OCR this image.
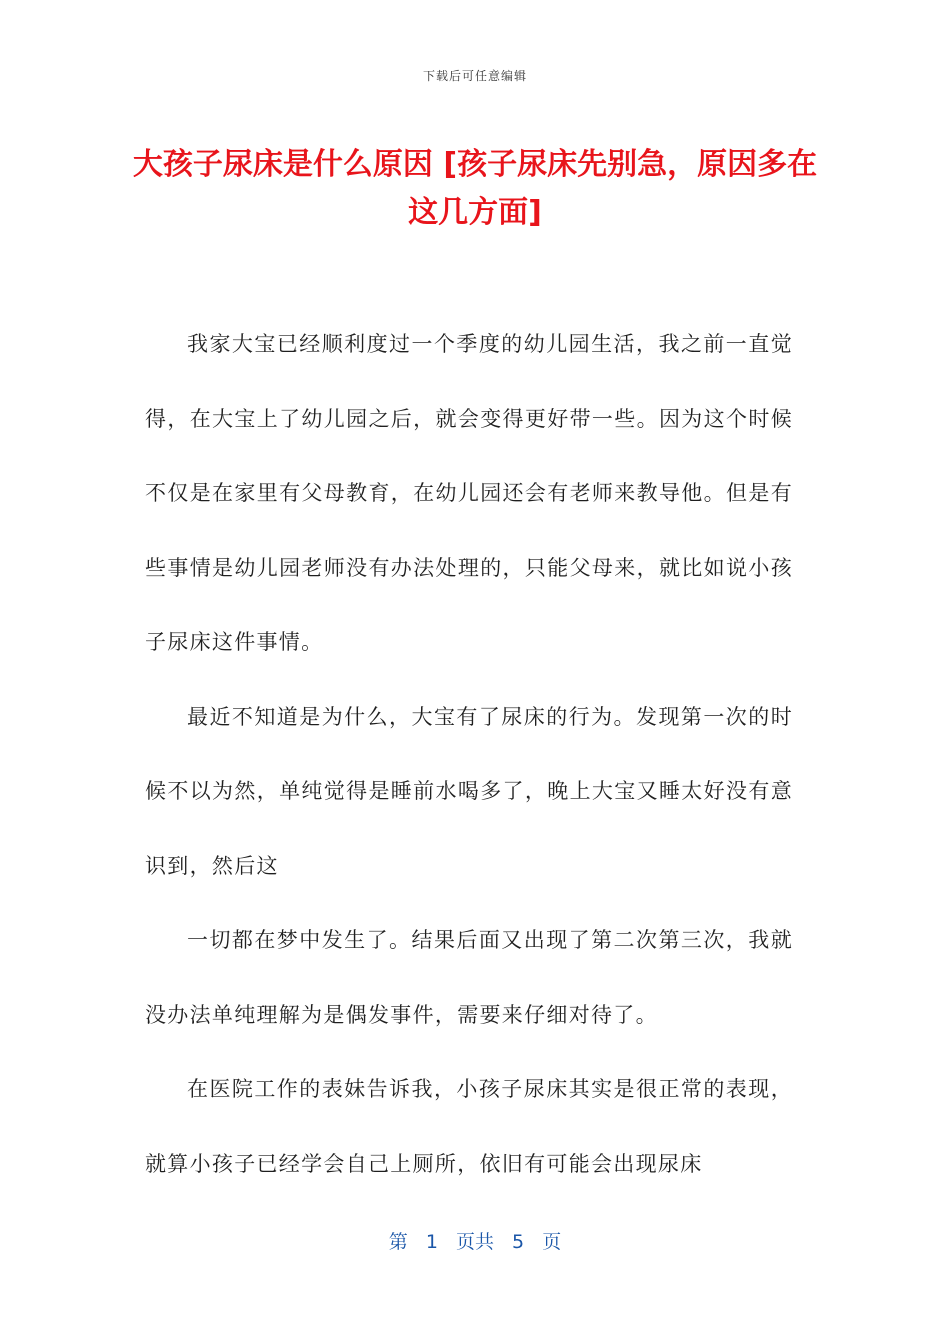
下载后可任意编辑
大孩子尿床是什么原因 [孩子尿床先别急，原因多在这几方面]

我家大宝已经顺利度过一个季度的幼儿园生活，我之前一直觉得，在大宝上了幼儿园之后，就会变得更好带一些。因为这个时候不仅是在家里有父母教育，在幼儿园还会有老师来教导他。但是有些事情是幼儿园老师没有办法处理的，只能父母来，就比如说小孩子尿床这件事情。

最近不知道是为什么，大宝有了尿床的行为。发现第一次的时候不以为然，单纯觉得是睡前水喝多了，晚上大宝又睡太好没有意识到，然后这

一切都在梦中发生了。结果后面又出现了第二次第三次，我就没办法单纯理解为是偶发事件，需要来仔细对待了。

在医院工作的表妹告诉我，小孩子尿床其实是很正常的表现，就算小孩子已经学会自己上厕所，依旧有可能会出现尿床

第 1 页共 5 页
